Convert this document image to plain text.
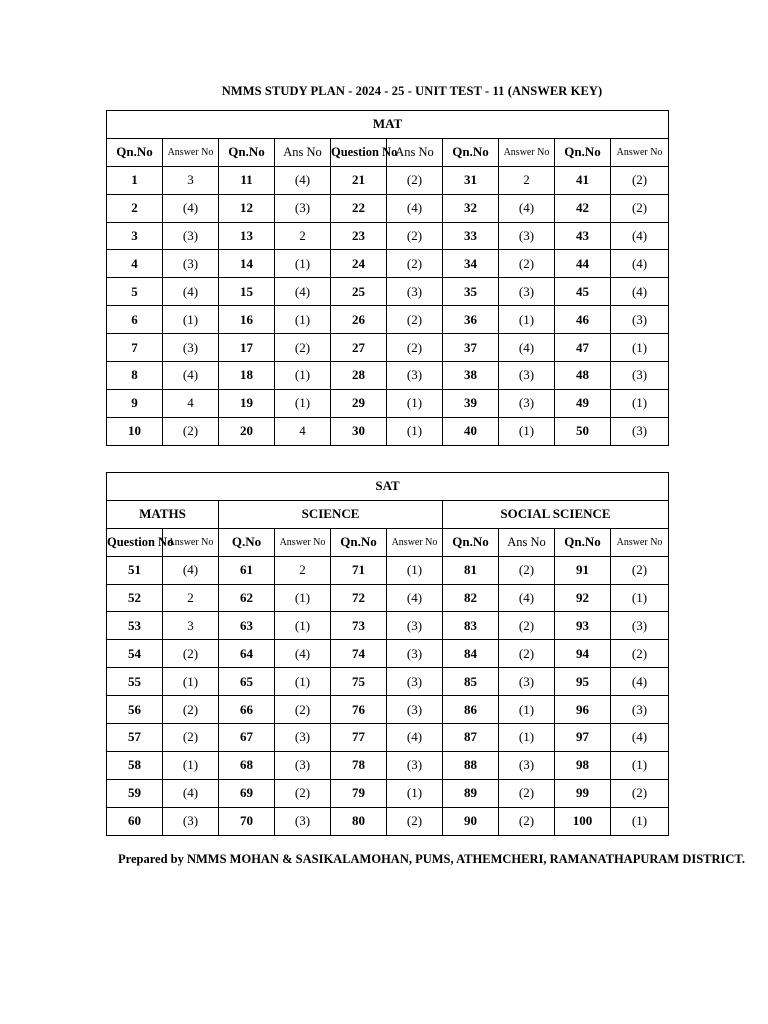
NMMS STUDY PLAN - 2024 - 25 - UNIT TEST - 11 (ANSWER KEY)
MAT									
Qn.No	Answer No	Qn.No	Ans No	Question No	Ans No	Qn.No	Answer No	Qn.No	Answer No
1	3	11	(4)	21	(2)	31	2	41	(2)
2	(4)	12	(3)	22	(4)	32	(4)	42	(2)
3	(3)	13	2	23	(2)	33	(3)	43	(4)
4	(3)	14	(1)	24	(2)	34	(2)	44	(4)
5	(4)	15	(4)	25	(3)	35	(3)	45	(4)
6	(1)	16	(1)	26	(2)	36	(1)	46	(3)
7	(3)	17	(2)	27	(2)	37	(4)	47	(1)
8	(4)	18	(1)	28	(3)	38	(3)	48	(3)
9	4	19	(1)	29	(1)	39	(3)	49	(1)
10	(2)	20	4	30	(1)	40	(1)	50	(3)
SAT									
MATHS		SCIENCE				SOCIAL SCIENCE			
Question No	Answer No	Q.No	Answer No	Qn.No	Answer No	Qn.No	Ans No	Qn.No	Answer No
51	(4)	61	2	71	(1)	81	(2)	91	(2)
52	2	62	(1)	72	(4)	82	(4)	92	(1)
53	3	63	(1)	73	(3)	83	(2)	93	(3)
54	(2)	64	(4)	74	(3)	84	(2)	94	(2)
55	(1)	65	(1)	75	(3)	85	(3)	95	(4)
56	(2)	66	(2)	76	(3)	86	(1)	96	(3)
57	(2)	67	(3)	77	(4)	87	(1)	97	(4)
58	(1)	68	(3)	78	(3)	88	(3)	98	(1)
59	(4)	69	(2)	79	(1)	89	(2)	99	(2)
60	(3)	70	(3)	80	(2)	90	(2)	100	(1)
Prepared by NMMS MOHAN & SASIKALAMOHAN, PUMS, ATHEMCHERI, RAMANATHAPURAM DISTRICT.
